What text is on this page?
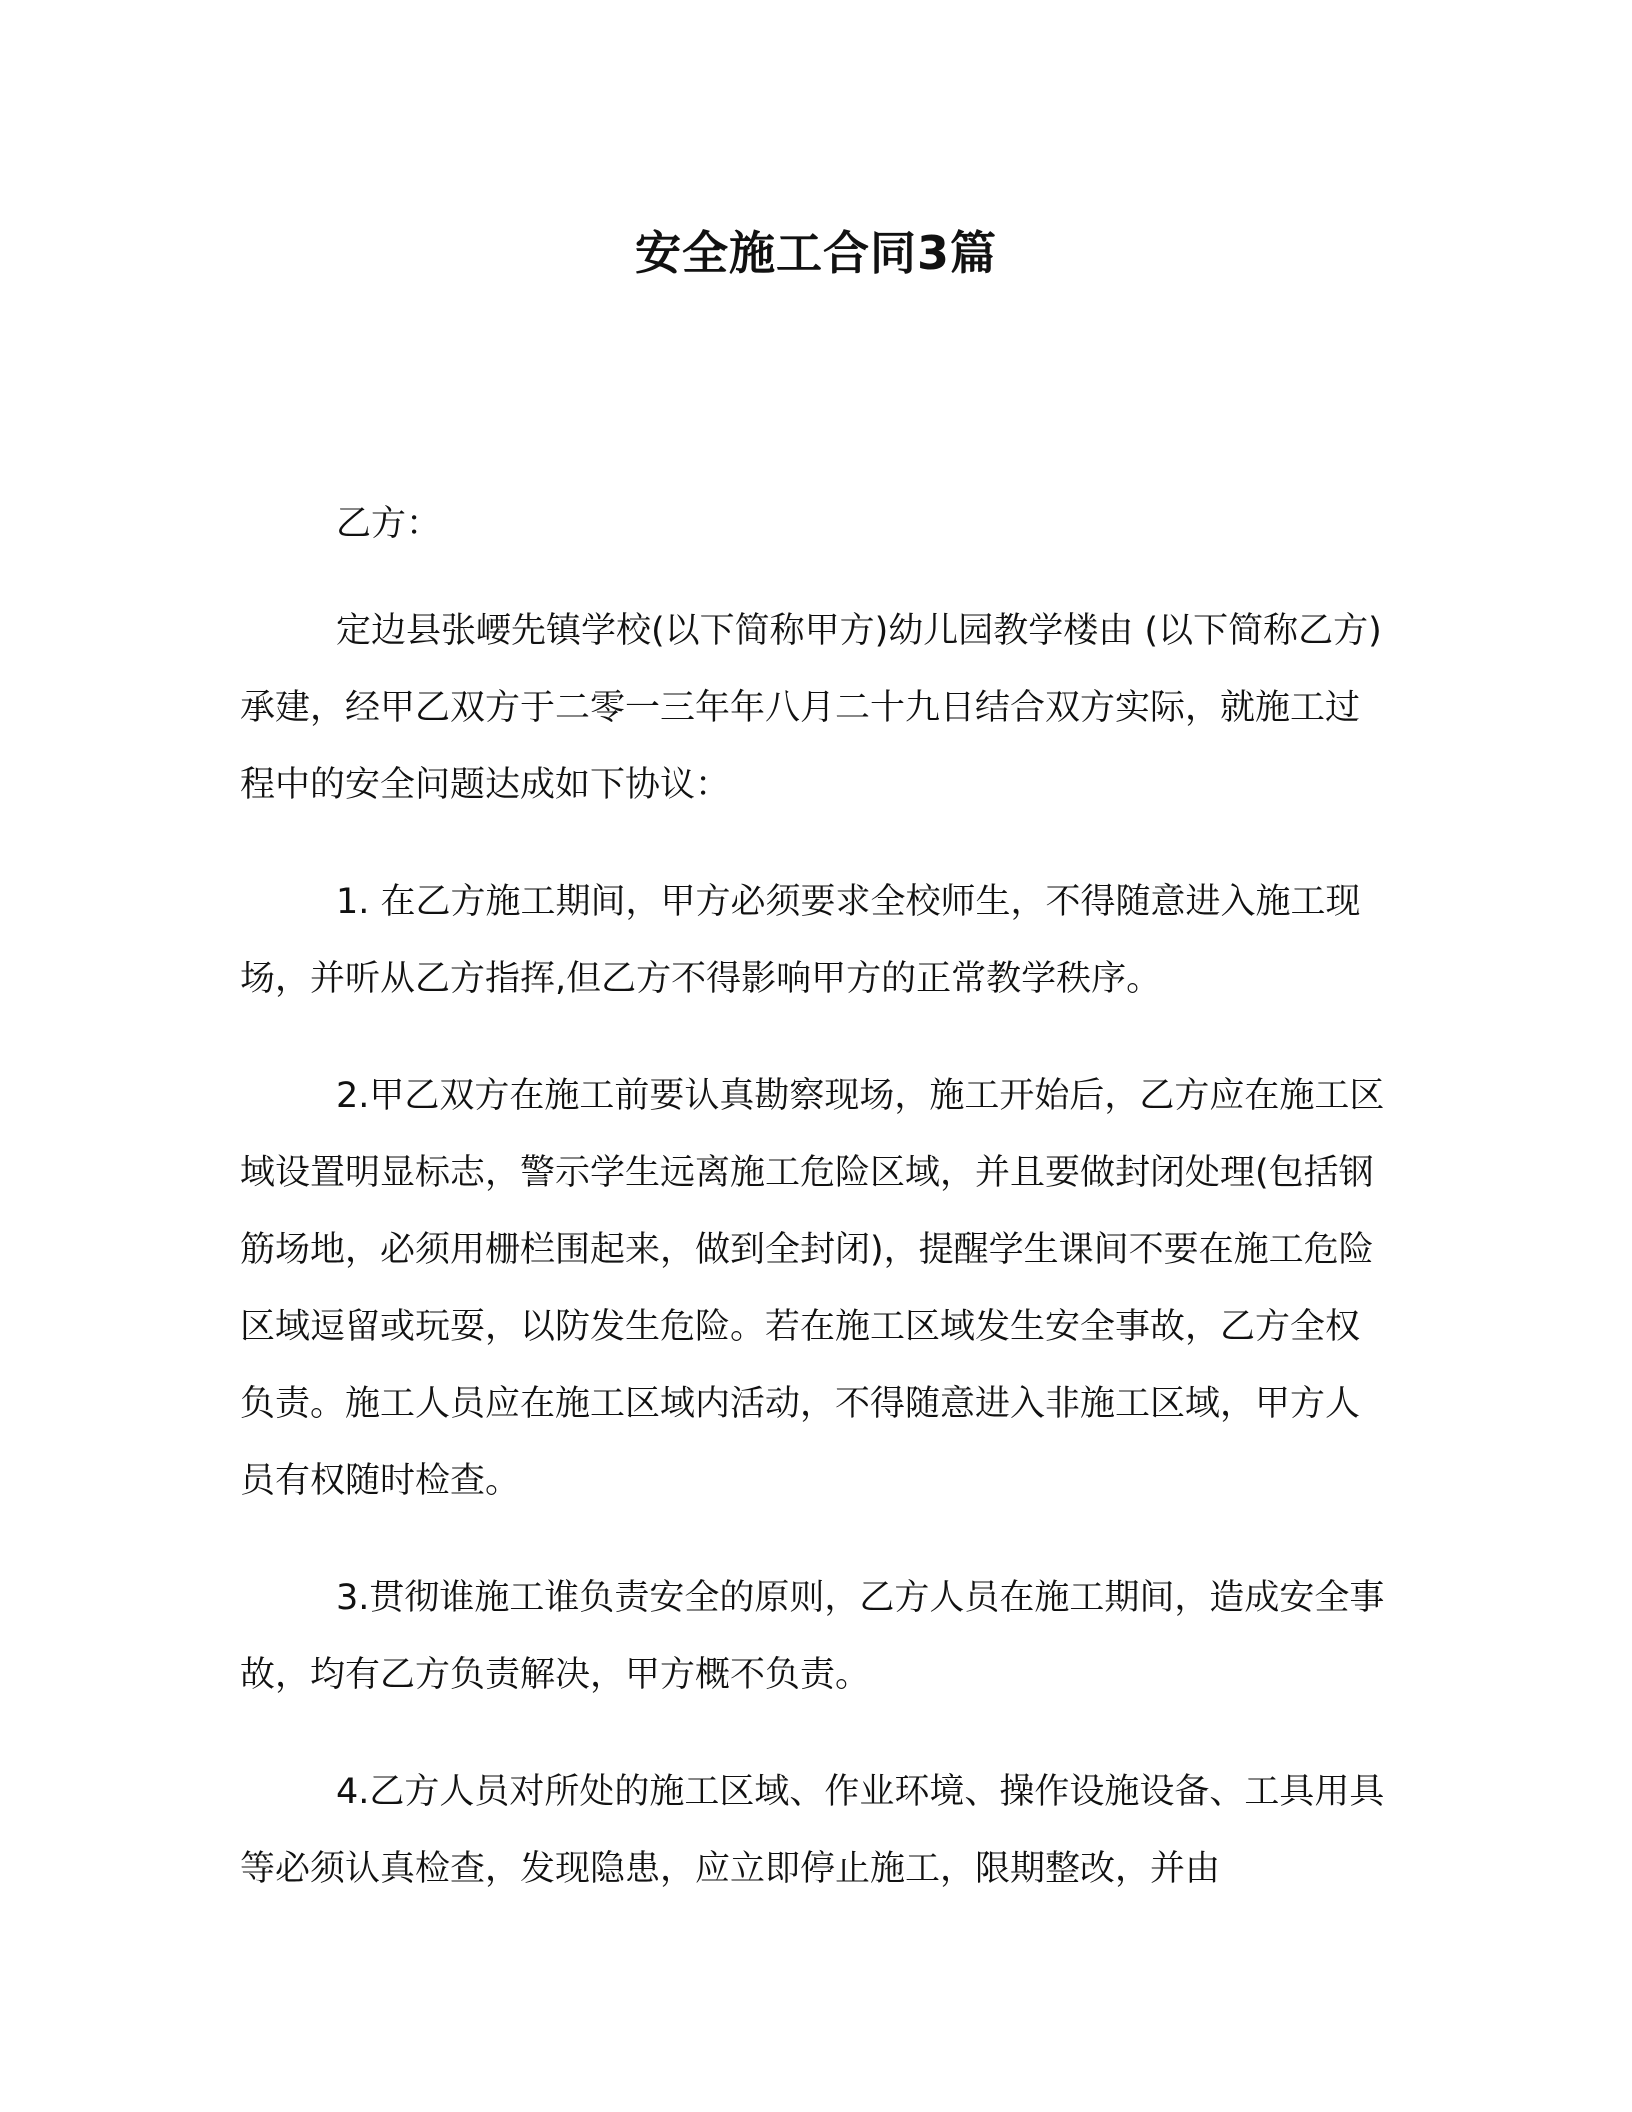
安全施工合同3篇

乙方：

定边县张崾先镇学校(以下简称甲方)幼儿园教学楼由 (以下简称乙方)承建，经甲乙双方于二零一三年年八月二十九日结合双方实际，就施工过程中的安全问题达成如下协议：

1. 在乙方施工期间，甲方必须要求全校师生，不得随意进入施工现场，并听从乙方指挥,但乙方不得影响甲方的正常教学秩序。

2.甲乙双方在施工前要认真勘察现场，施工开始后，乙方应在施工区域设置明显标志，警示学生远离施工危险区域，并且要做封闭处理(包括钢筋场地，必须用栅栏围起来，做到全封闭)，提醒学生课间不要在施工危险区域逗留或玩耍，以防发生危险。若在施工区域发生安全事故，乙方全权负责。施工人员应在施工区域内活动，不得随意进入非施工区域，甲方人员有权随时检查。

3.贯彻谁施工谁负责安全的原则，乙方人员在施工期间，造成安全事故，均有乙方负责解决，甲方概不负责。

4.乙方人员对所处的施工区域、作业环境、操作设施设备、工具用具等必须认真检查，发现隐患，应立即停止施工，限期整改，并由
